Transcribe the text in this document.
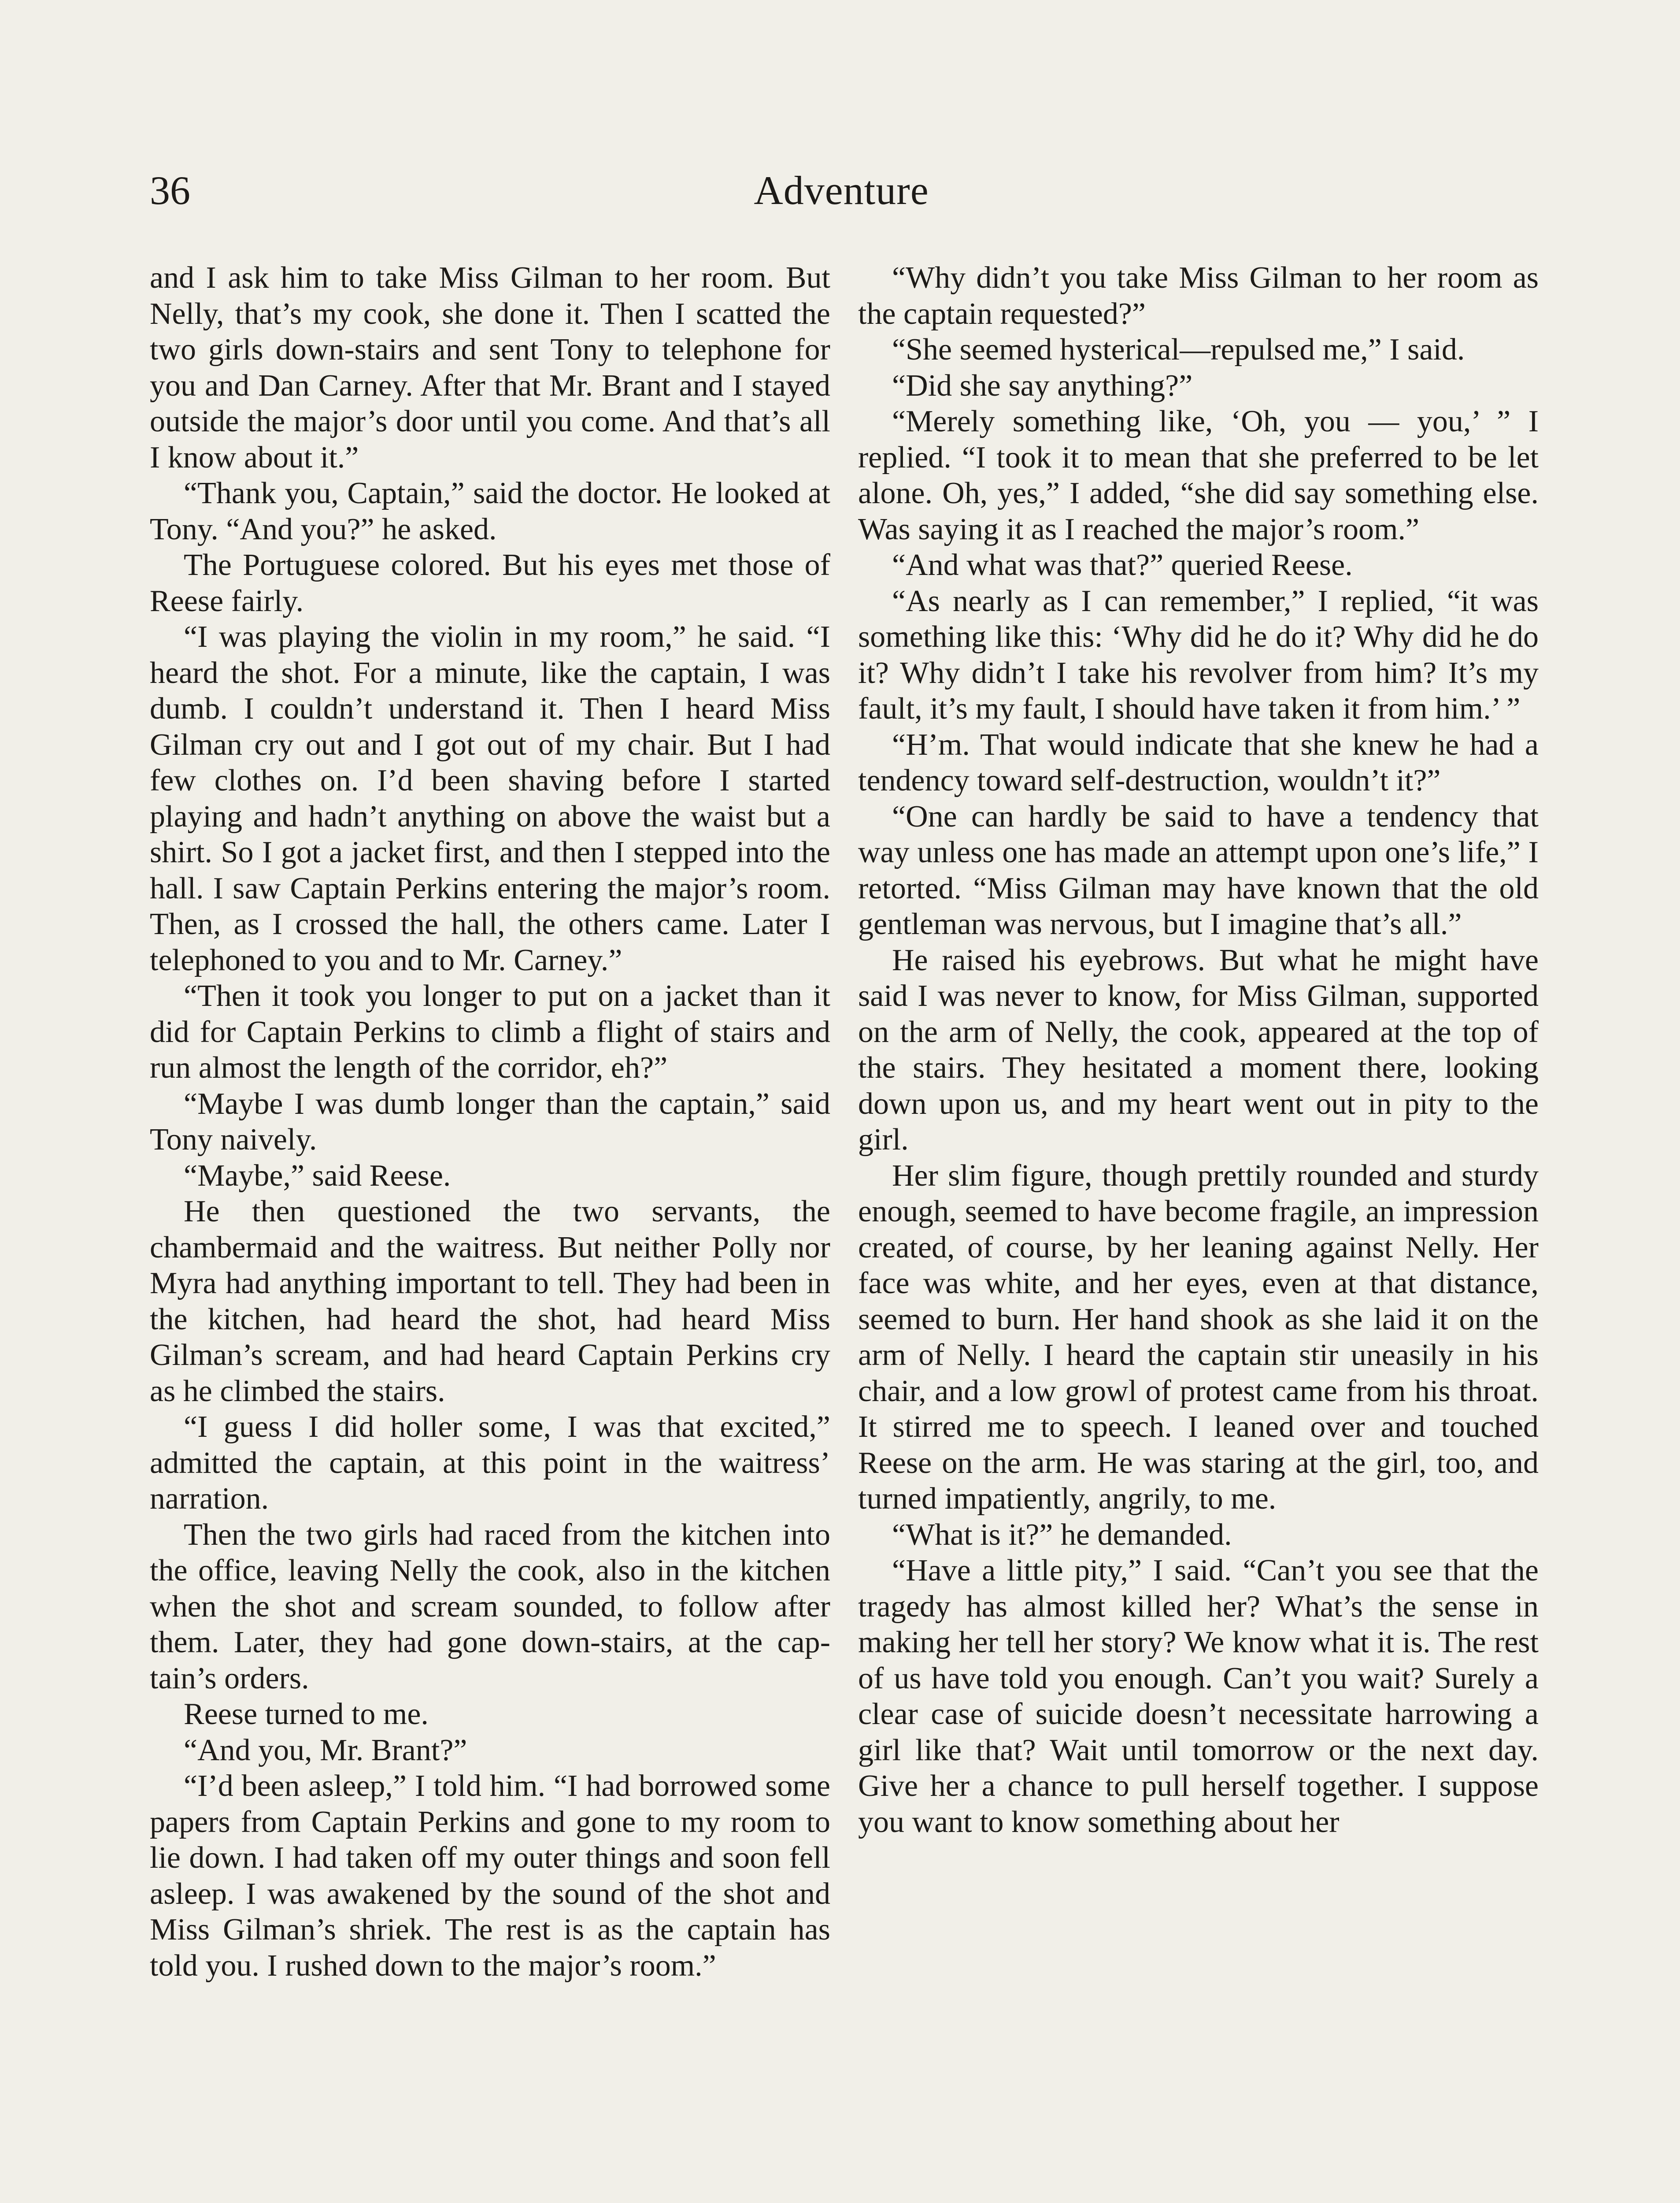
36	Adventure

and I ask him to take Miss Gilman to her room. But Nelly, that’s my cook, she done it. Then I scatted the two girls down-stairs and sent Tony to telephone for you and Dan Carney. After that Mr. Brant and I stayed outside the major’s door until you come. And that’s all I know about it.”

“Thank you, Captain,” said the doctor. He looked at Tony. “And you?” he asked.

The Portuguese colored. But his eyes met those of Reese fairly.

“I was playing the violin in my room,” he said. “I heard the shot. For a minute, like the captain, I was dumb. I couldn’t understand it. Then I heard Miss Gilman cry out and I got out of my chair. But I had few clothes on. I’d been shaving before I started playing and hadn’t anything on above the waist but a shirt. So I got a jacket first, and then I stepped into the hall. I saw Captain Perkins entering the major’s room. Then, as I crossed the hall, the others came. Later I telephoned to you and to Mr. Carney.”

“Then it took you longer to put on a jacket than it did for Captain Perkins to climb a flight of stairs and run almost the length of the corridor, eh?”

“Maybe I was dumb longer than the captain,” said Tony naively.

“Maybe,” said Reese.

He then questioned the two servants, the chambermaid and the waitress. But neither Polly nor Myra had anything important to tell. They had been in the kitchen, had heard the shot, had heard Miss Gilman’s scream, and had heard Captain Perkins cry as he climbed the stairs.

“I guess I did holler some, I was that excited,” admitted the captain, at this point in the waitress’ narration.

Then the two girls had raced from the kitchen into the office, leaving Nelly the cook, also in the kitchen when the shot and scream sounded, to follow after them. Later, they had gone down-stairs, at the captain’s orders.

Reese turned to me.

“And you, Mr. Brant?”

“I’d been asleep,” I told him. “I had borrowed some papers from Captain Perkins and gone to my room to lie down. I had taken off my outer things and soon fell asleep. I was awakened by the sound of the shot and Miss Gilman’s shriek. The rest is as the captain has told you. I rushed down to the major’s room.”

“Why didn’t you take Miss Gilman to her room as the captain requested?”

“She seemed hysterical—repulsed me,” I said.

“Did she say anything?”

“Merely something like, ‘Oh, you — you,’ ” I replied. “I took it to mean that she preferred to be let alone. Oh, yes,” I added, “she did say something else. Was saying it as I reached the major’s room.”

“And what was that?” queried Reese.

“As nearly as I can remember,” I replied, “it was something like this: ‘Why did he do it? Why did he do it? Why didn’t I take his revolver from him? It’s my fault, it’s my fault, I should have taken it from him.’ ”

“H’m. That would indicate that she knew he had a tendency toward self-destruction, wouldn’t it?”

“One can hardly be said to have a tendency that way unless one has made an attempt upon one’s life,” I retorted. “Miss Gilman may have known that the old gentleman was nervous, but I imagine that’s all.”

He raised his eyebrows. But what he might have said I was never to know, for Miss Gilman, supported on the arm of Nelly, the cook, appeared at the top of the stairs. They hesitated a moment there, looking down upon us, and my heart went out in pity to the girl.

Her slim figure, though prettily rounded and sturdy enough, seemed to have become fragile, an impression created, of course, by her leaning against Nelly. Her face was white, and her eyes, even at that distance, seemed to burn. Her hand shook as she laid it on the arm of Nelly. I heard the captain stir uneasily in his chair, and a low growl of protest came from his throat. It stirred me to speech. I leaned over and touched Reese on the arm. He was staring at the girl, too, and turned impatiently, angrily, to me.

“What is it?” he demanded.

“Have a little pity,” I said. “Can’t you see that the tragedy has almost killed her? What’s the sense in making her tell her story? We know what it is. The rest of us have told you enough. Can’t you wait? Surely a clear case of suicide doesn’t necessitate harrowing a girl like that? Wait until tomorrow or the next day. Give her a chance to pull herself together. I suppose you want to know something about her
